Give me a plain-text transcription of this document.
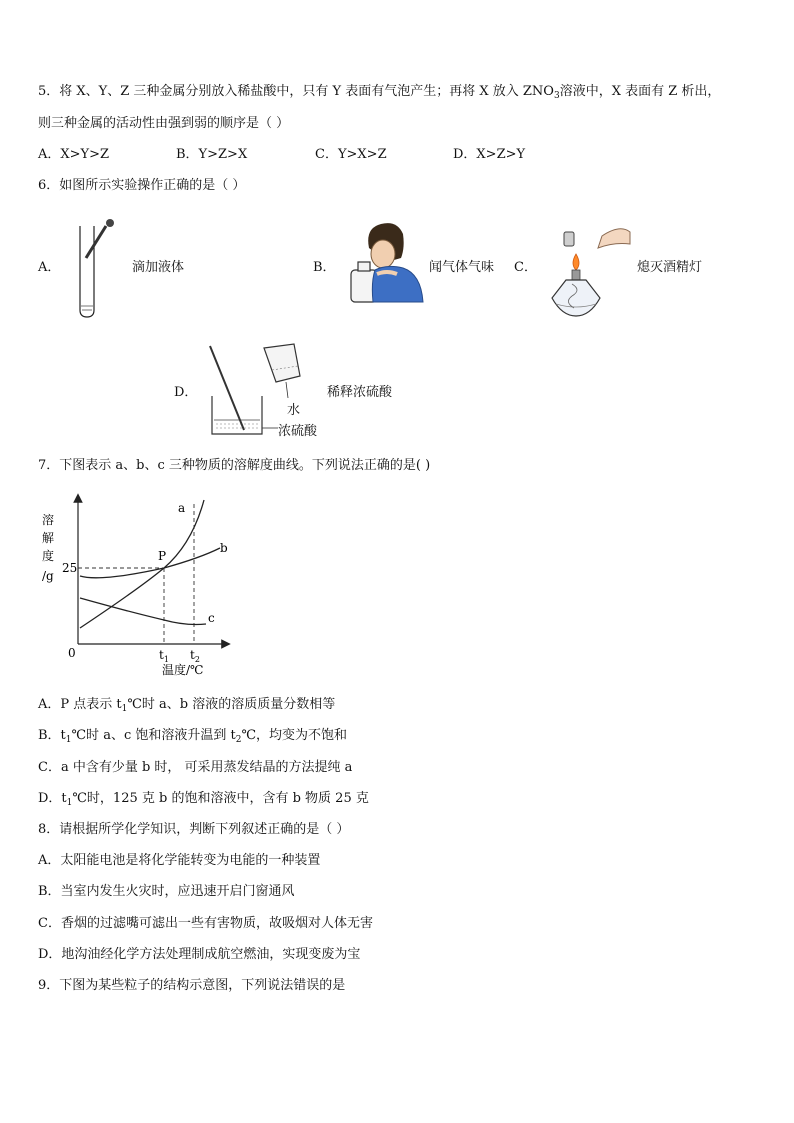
5．将 X、Y、Z 三种金属分别放入稀盐酸中，只有 Y 表面有气泡产生；再将 X 放入 $ZNO_3$溶液中，X 表面有 Z 析出，
则三种金属的活动性由强到弱的顺序是（ ）
A．X>Y>Z	B．Y>Z>X	C．Y>X>Z	D．X>Z>Y
6．如图所示实验操作正确的是（ ）
A．	滴加液体	B．	闻气体气味 C．	熄灭酒精灯
D．
水
浓硫酸
稀释浓硫酸
7．下图表示 a、b、c 三种物质的溶解度曲线。下列说法正确的是( )
溶
解
度
/g
25
0
P
a
b
c
$t_1$ $t_2$
温度/℃
A．P 点表示 $t_1℃$时 a、b 溶液的溶质质量分数相等
B．$t_1℃$时 a、c 饱和溶液升温到 $t_2℃$，均变为不饱和
C．a 中含有少量 b 时， 可采用蒸发结晶的方法提纯 a
D．$t_1℃$时，125 克 b 的饱和溶液中，含有 b 物质 25 克
8．请根据所学化学知识，判断下列叙述正确的是（ ）
A．太阳能电池是将化学能转变为电能的一种装置
B．当室内发生火灾时，应迅速开启门窗通风
C．香烟的过滤嘴可滤出一些有害物质，故吸烟对人体无害
D．地沟油经化学方法处理制成航空燃油，实现变废为宝
9．下图为某些粒子的结构示意图，下列说法错误的是
